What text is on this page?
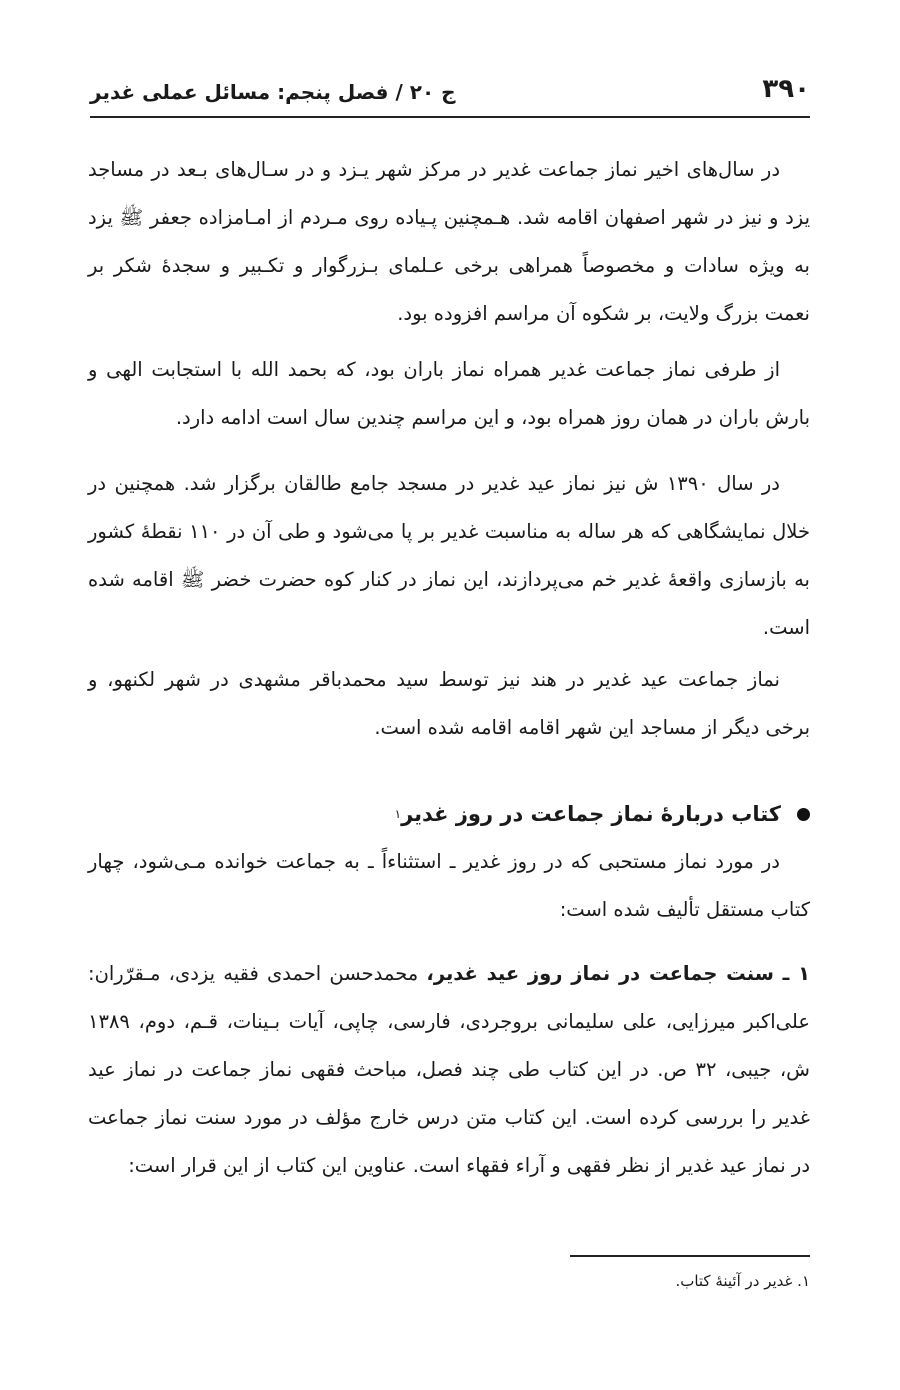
۳۹۰
ج ۲۰ / فصل پنجم: مسائل عملی غدیر

در سال‌های اخیر نماز جماعت غدیر در مرکز شهر یـزد و در سـال‌های بـعد در مساجد یزد و نیز در شهر اصفهان اقامه شد. هـمچنین پـیاده روی مـردم از امـامزاده جعفر ﷺ یزد به ویژه سادات و مخصوصاً همراهی برخی عـلمای بـزرگوار و تکـبیر و سجدهٔ شکر بر نعمت بزرگ ولایت، بر شکوه آن مراسم افزوده بود.

از طرفی نماز جماعت غدیر همراه نماز باران بود، که بحمد الله با استجابت الهی و بارش باران در همان روز همراه بود، و این مراسم چندین سال است ادامه دارد.

در سال ۱۳۹۰ ش نیز نماز عید غدیر در مسجد جامع طالقان برگزار شد. همچنین در خلال نمایشگاهی که هر ساله به مناسبت غدیر بر پا می‌شود و طی آن در ۱۱۰ نقطهٔ کشور به بازسازی واقعهٔ غدیر خم می‌پردازند، این نماز در کنار کوه حضرت خضر ﷺ اقامه شده است.

نماز جماعت عید غدیر در هند نیز توسط سید محمدباقر مشهدی در شهر لکنهو، و برخی دیگر از مساجد این شهر اقامه اقامه شده است.

کتاب دربارهٔ نماز جماعت در روز غدیر
۱

در مورد نماز مستحبی که در روز غدیر ـ استثناءاً ـ به جماعت خوانده مـی‌شود، چهار کتاب مستقل تألیف شده است:

۱ ـ سنت جماعت در نماز روز عید غدیر، محمدحسن احمدی فقیه یزدی، مـقرّران: علی‌اکبر میرزایی، علی سلیمانی بروجردی، فارسی، چاپی، آیات بـینات، قـم، دوم، ۱۳۸۹ ش، جیبی، ۳۲ ص. در این کتاب طی چند فصل، مباحث فقهی نماز جماعت در نماز عید غدیر را بررسی کرده است. این کتاب متن درس خارج مؤلف در مورد سنت نماز جماعت در نماز عید غدیر از نظر فقهی و آراء فقهاء است. عناوین این کتاب از این قرار است:

۱. غدیر در آئینهٔ کتاب.
